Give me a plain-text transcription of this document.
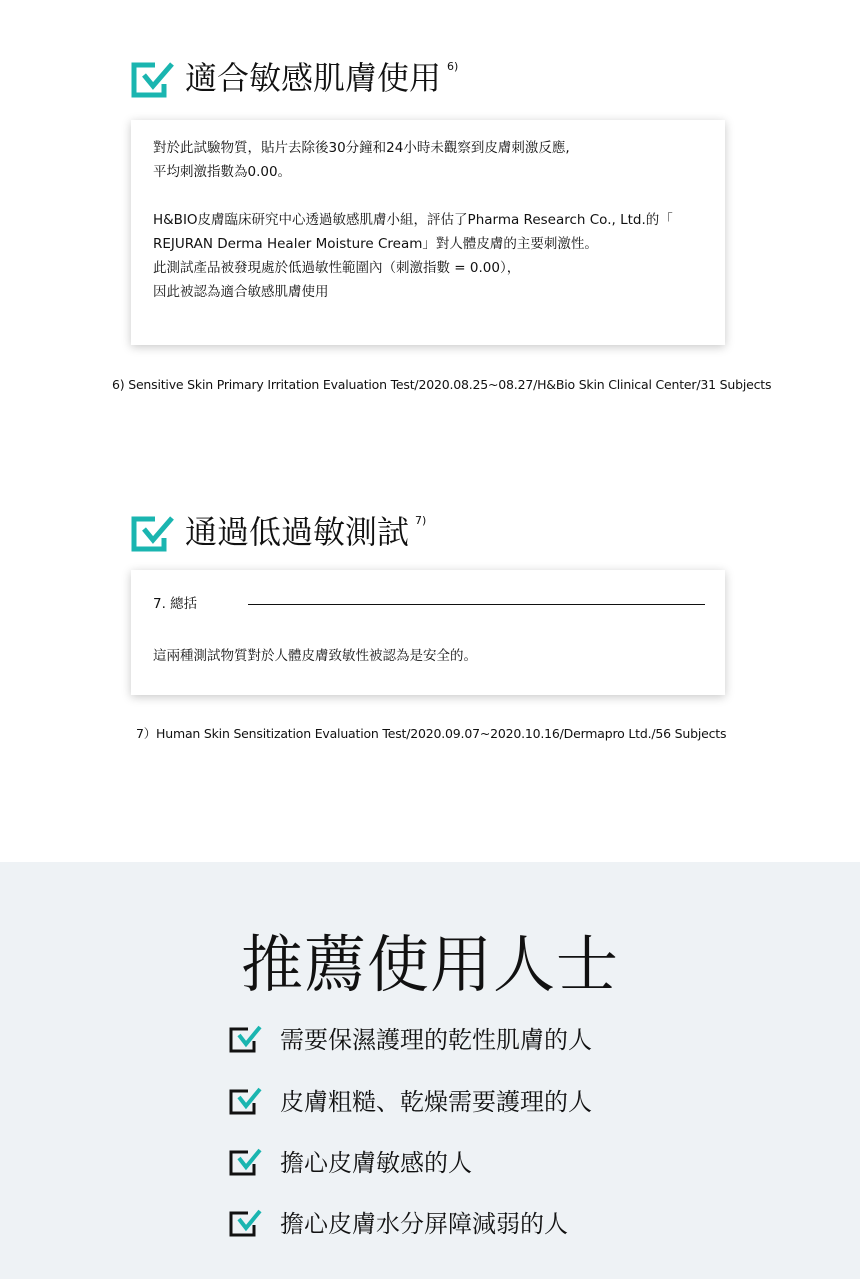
適合敏感肌膚使用 6)
對於此試驗物質，貼片去除後30分鐘和24小時未觀察到皮膚刺激反應,
平均刺激指數為0.00。
H&BIO皮膚臨床研究中心透過敏感肌膚小組，評估了Pharma Research Co., Ltd.的「
REJURAN Derma Healer Moisture Cream」對人體皮膚的主要刺激性。
此測試產品被發現處於低過敏性範圍內（刺激指數 = 0.00），
因此被認為適合敏感肌膚使用
6) Sensitive Skin Primary Irritation Evaluation Test/2020.08.25~08.27/H&Bio Skin Clinical Center/31 Subjects
通過低過敏測試 7)
7. 總括
這兩種測試物質對於人體皮膚致敏性被認為是安全的。
7）Human Skin Sensitization Evaluation Test/2020.09.07~2020.10.16/Dermapro Ltd./56 Subjects
推薦使用人士
需要保濕護理的乾性肌膚的人
皮膚粗糙、乾燥需要護理的人
擔心皮膚敏感的人
擔心皮膚水分屏障減弱的人
